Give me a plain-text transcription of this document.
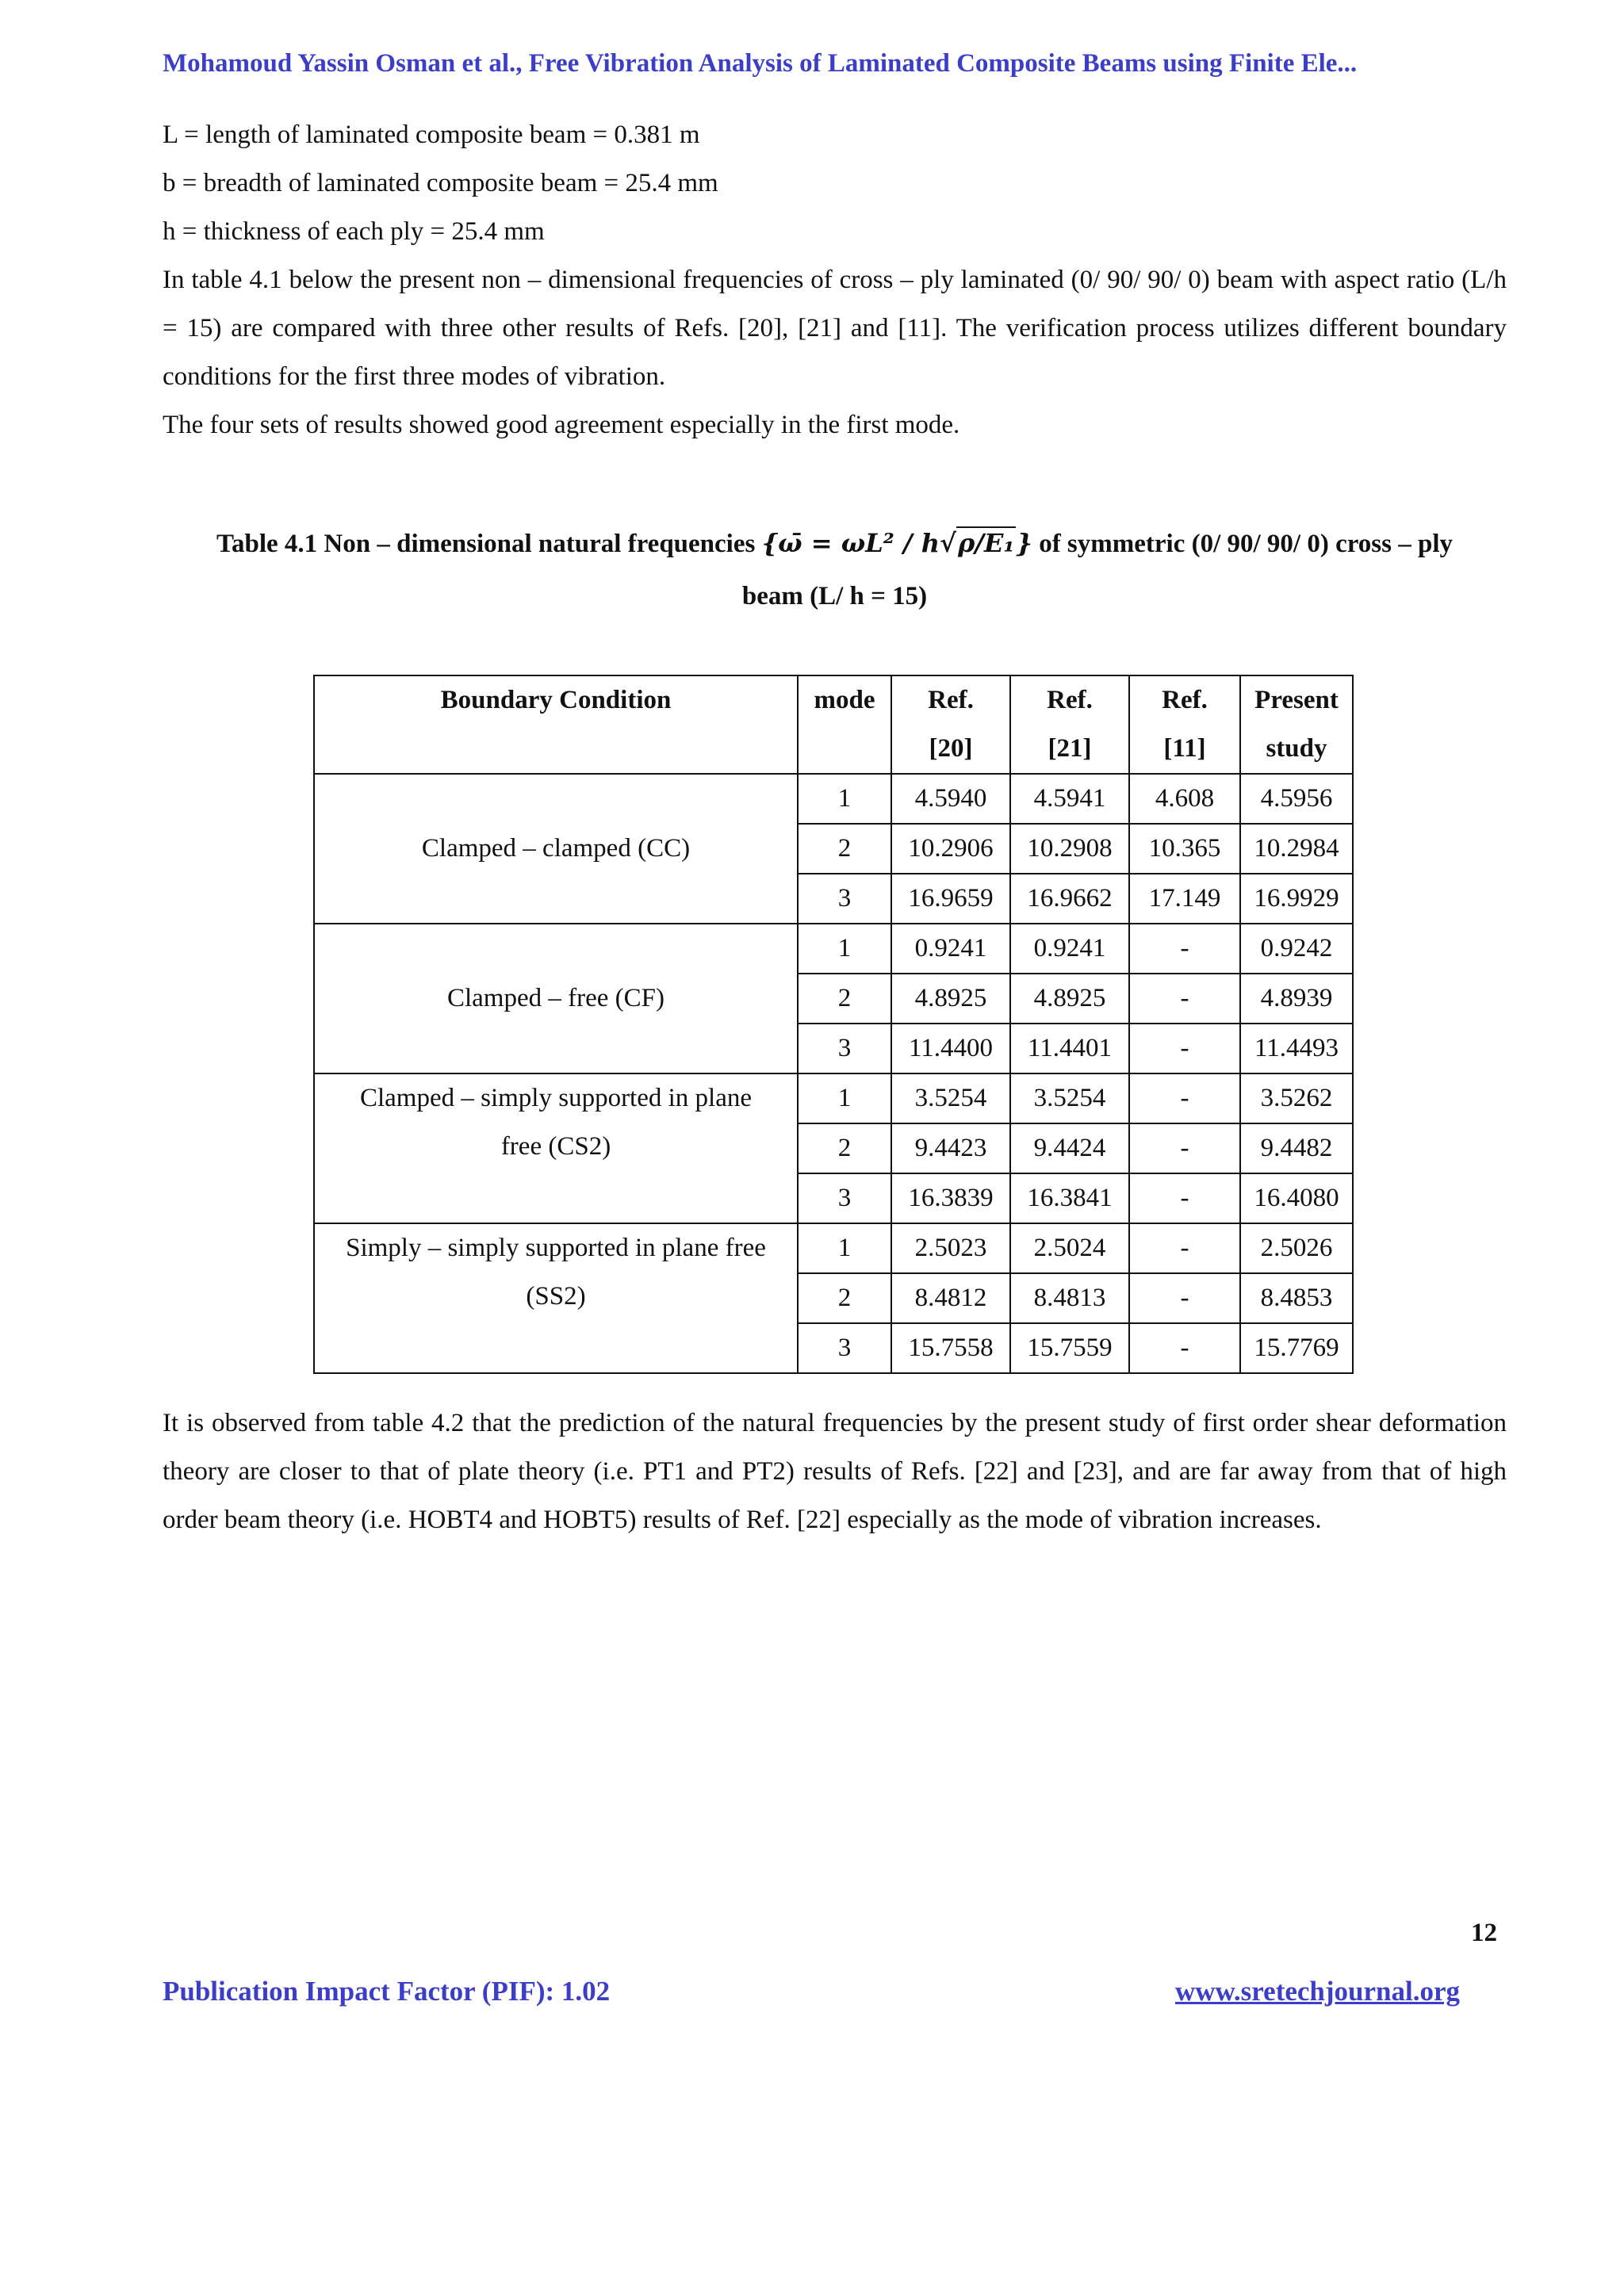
Mohamoud Yassin Osman et al., Free Vibration Analysis of Laminated Composite Beams using Finite Ele...

L = length of laminated composite beam = 0.381 m

b = breadth of laminated composite beam = 25.4 mm

h = thickness of each ply = 25.4 mm

In table 4.1 below the present non – dimensional frequencies of cross – ply laminated (0/ 90/ 90/ 0) beam with aspect ratio (L/h = 15) are compared with three other results of Refs. [20], [21] and [11]. The verification process utilizes different boundary conditions for the first three modes of vibration.

The four sets of results showed good agreement especially in the first mode.

Table 4.1 Non – dimensional natural frequencies {ω̄ = ωL² / h√ρ/E₁} of symmetric (0/ 90/ 90/ 0) cross – ply
beam (L/ h = 15)
Boundary Condition	mode	Ref.	Ref.	Ref.	Present
		[20]	[21]	[11]	study

Clamped – clamped (CC)	1	4.5940	4.5941	4.608	4.5956
	2	10.2906	10.2908	10.365	10.2984
	3	16.9659	16.9662	17.149	16.9929

Clamped – free (CF)	1	0.9241	0.9241	-	0.9242
	2	4.8925	4.8925	-	4.8939
	3	11.4400	11.4401	-	11.4493

Clamped – simply supported in plane
free (CS2)	1	3.5254	3.5254	-	3.5262
	2	9.4423	9.4424	-	9.4482
	3	16.3839	16.3841	-	16.4080

Simply – simply supported in plane free
(SS2)	1	2.5023	2.5024	-	2.5026
	2	8.4812	8.4813	-	8.4853
	3	15.7558	15.7559	-	15.7769

It is observed from table 4.2 that the prediction of the natural frequencies by the present study of first order shear deformation theory are closer to that of plate theory (i.e. PT1 and PT2) results of Refs. [22] and [23], and are far away from that of high order beam theory (i.e. HOBT4 and HOBT5) results of Ref. [22] especially as the mode of vibration increases.

12
Publication Impact Factor (PIF): 1.02	www.sretechjournal.org
